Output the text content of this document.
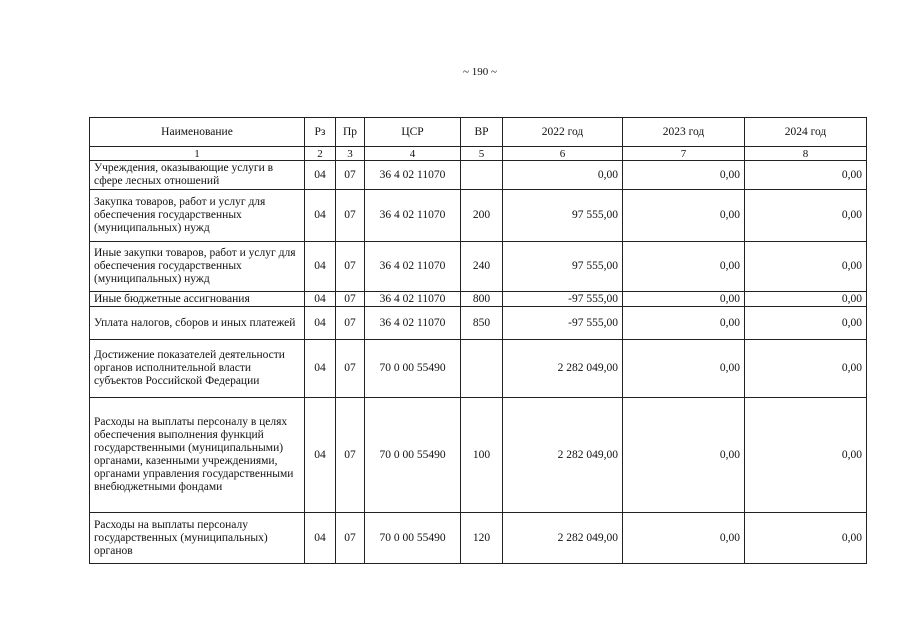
~ 190 ~
Наименование	Рз	Пр	ЦСР	ВР	2022 год	2023 год	2024 год
1	2	3	4	5	6	7	8
Учреждения, оказывающие услуги в сфере лесных отношений	04	07	36 4 02 11070		0,00	0,00	0,00
Закупка товаров, работ и услуг для обеспечения государственных (муниципальных) нужд	04	07	36 4 02 11070	200	97 555,00	0,00	0,00
Иные закупки товаров, работ и услуг для обеспечения государственных (муниципальных) нужд	04	07	36 4 02 11070	240	97 555,00	0,00	0,00
Иные бюджетные ассигнования	04	07	36 4 02 11070	800	-97 555,00	0,00	0,00
Уплата налогов, сборов и иных платежей	04	07	36 4 02 11070	850	-97 555,00	0,00	0,00
Достижение показателей деятельности органов исполнительной власти субъектов Российской Федерации	04	07	70 0 00 55490		2 282 049,00	0,00	0,00
Расходы на выплаты персоналу в целях обеспечения выполнения функций государственными (муниципальными) органами, казенными учреждениями, органами управления государственными внебюджетными фондами	04	07	70 0 00 55490	100	2 282 049,00	0,00	0,00
Расходы на выплаты персоналу государственных (муниципальных) органов	04	07	70 0 00 55490	120	2 282 049,00	0,00	0,00
